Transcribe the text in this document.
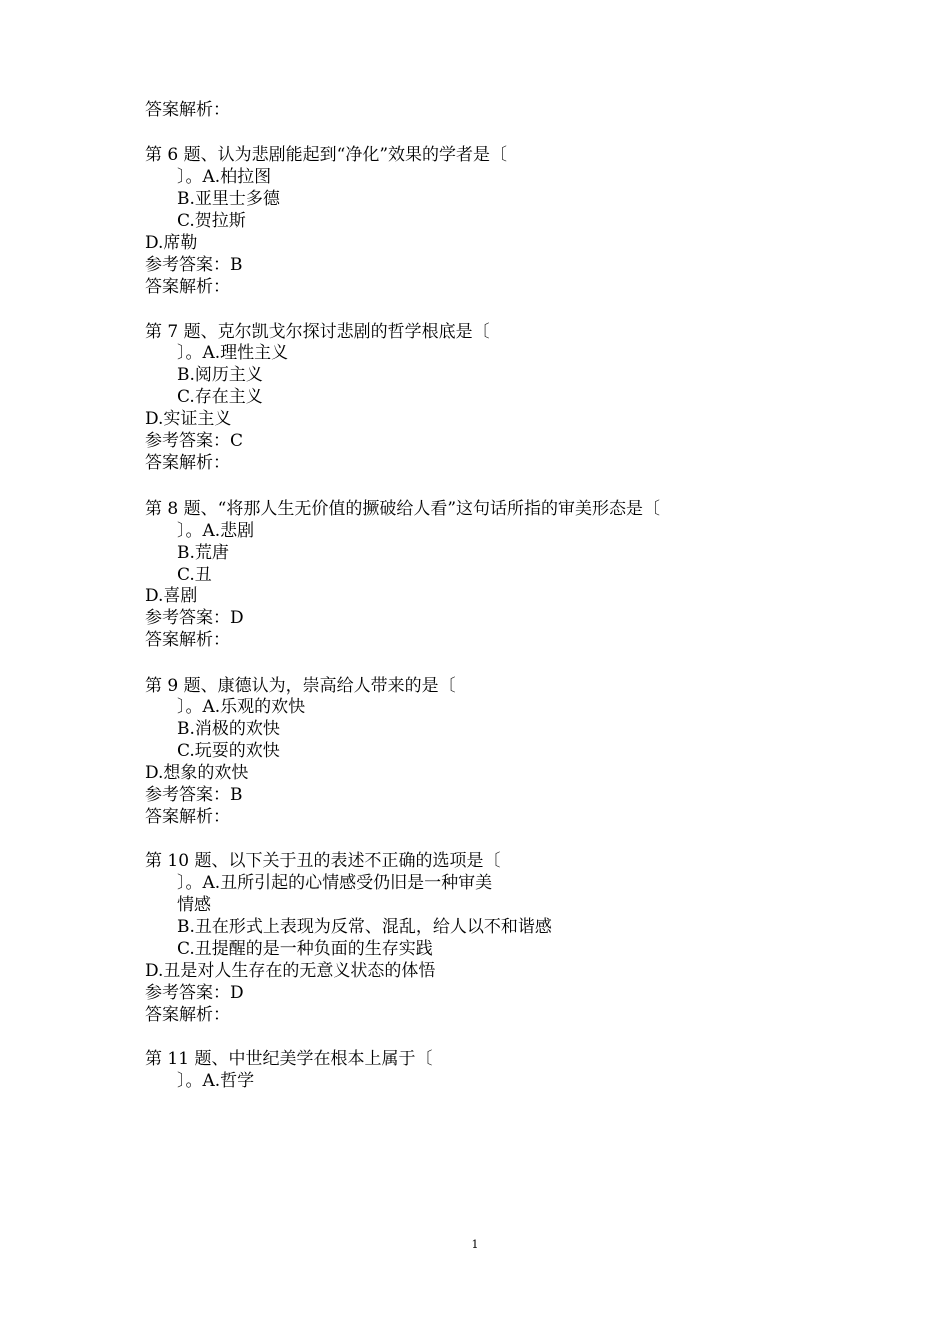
答案解析：
第 6 题、认为悲剧能起到“净化”效果的学者是〔
〕。A.柏拉图
B.亚里士多德
C.贺拉斯
D.席勒
参考答案：B
答案解析：
第 7 题、克尔凯戈尔探讨悲剧的哲学根底是〔
〕。A.理性主义
B.阅历主义
C.存在主义
D.实证主义
参考答案：C
答案解析：
第 8 题、“将那人生无价值的撅破给人看”这句话所指的审美形态是〔
〕。A.悲剧
B.荒唐
C.丑
D.喜剧
参考答案：D
答案解析：
第 9 题、康德认为，崇高给人带来的是〔
〕。A.乐观的欢快
B.消极的欢快
C.玩耍的欢快
D.想象的欢快
参考答案：B
答案解析：
第 10 题、以下关于丑的表述不正确的选项是〔
〕。A.丑所引起的心情感受仍旧是一种审美
情感
B.丑在形式上表现为反常、混乱，给人以不和谐感
C.丑提醒的是一种负面的生存实践
D.丑是对人生存在的无意义状态的体悟
参考答案：D
答案解析：
第 11 题、中世纪美学在根本上属于〔
〕。A.哲学
1
